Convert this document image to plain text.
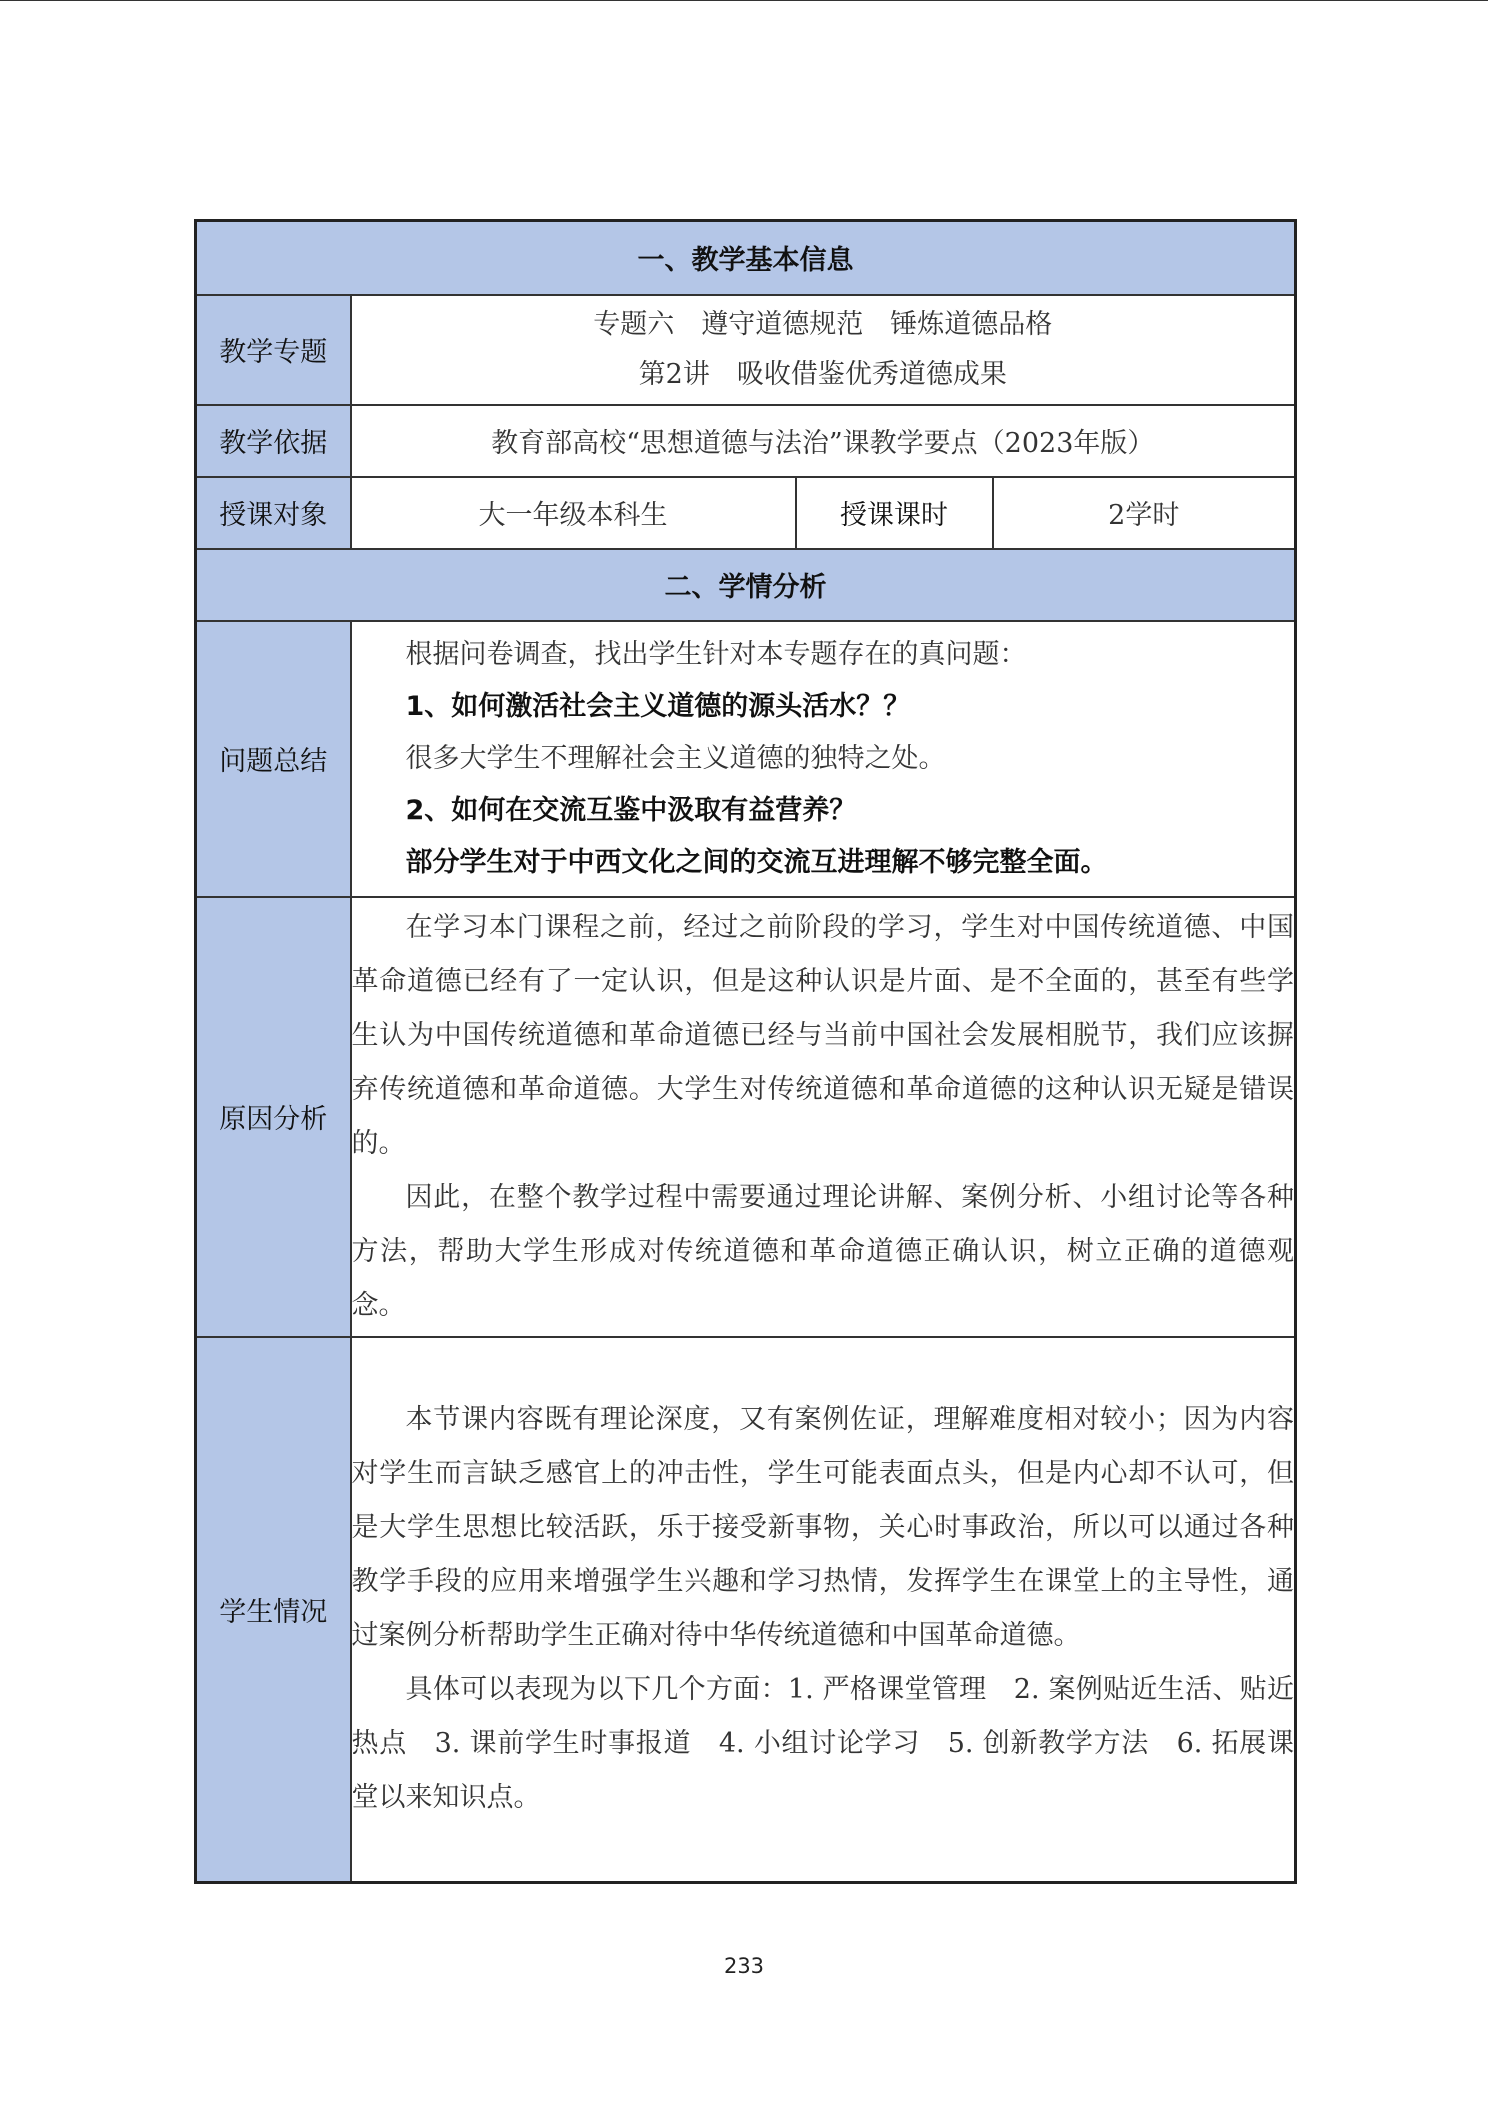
一、教学基本信息			
教学专题	专题六　遵守道德规范　锤炼道德品格
第2讲　吸收借鉴优秀道德成果		

教学依据	教育部高校“思想道德与法治”课教学要点（2023年版）		
授课对象	大一年级本科生	授课课时	2学时
二、学情分析			
问题总结	根据问卷调查，找出学生针对本专题存在的真问题：

1、如何激活社会主义道德的源头活水？？

很多大学生不理解社会主义道德的独特之处。

2、如何在交流互鉴中汲取有益营养？

部分学生对于中西文化之间的交流互进理解不够完整全面。		

原因分析	在学习本门课程之前，经过之前阶段的学习，学生对中国传统道德、中国革命道德已经有了一定认识，但是这种认识是片面、是不全面的，甚至有些学生认为中国传统道德和革命道德已经与当前中国社会发展相脱节，我们应该摒弃传统道德和革命道德。大学生对传统道德和革命道德的这种认识无疑是错误的。

因此，在整个教学过程中需要通过理论讲解、案例分析、小组讨论等各种方法，帮助大学生形成对传统道德和革命道德正确认识，树立正确的道德观念。		

学生情况	本节课内容既有理论深度，又有案例佐证，理解难度相对较小；因为内容对学生而言缺乏感官上的冲击性，学生可能表面点头，但是内心却不认可，但是大学生思想比较活跃，乐于接受新事物，关心时事政治，所以可以通过各种教学手段的应用来增强学生兴趣和学习热情，发挥学生在课堂上的主导性，通过案例分析帮助学生正确对待中华传统道德和中国革命道德。

具体可以表现为以下几个方面：1. 严格课堂管理　2. 案例贴近生活、贴近热点　3. 课前学生时事报道　4. 小组讨论学习　5. 创新教学方法　6. 拓展课堂以来知识点。		

233
